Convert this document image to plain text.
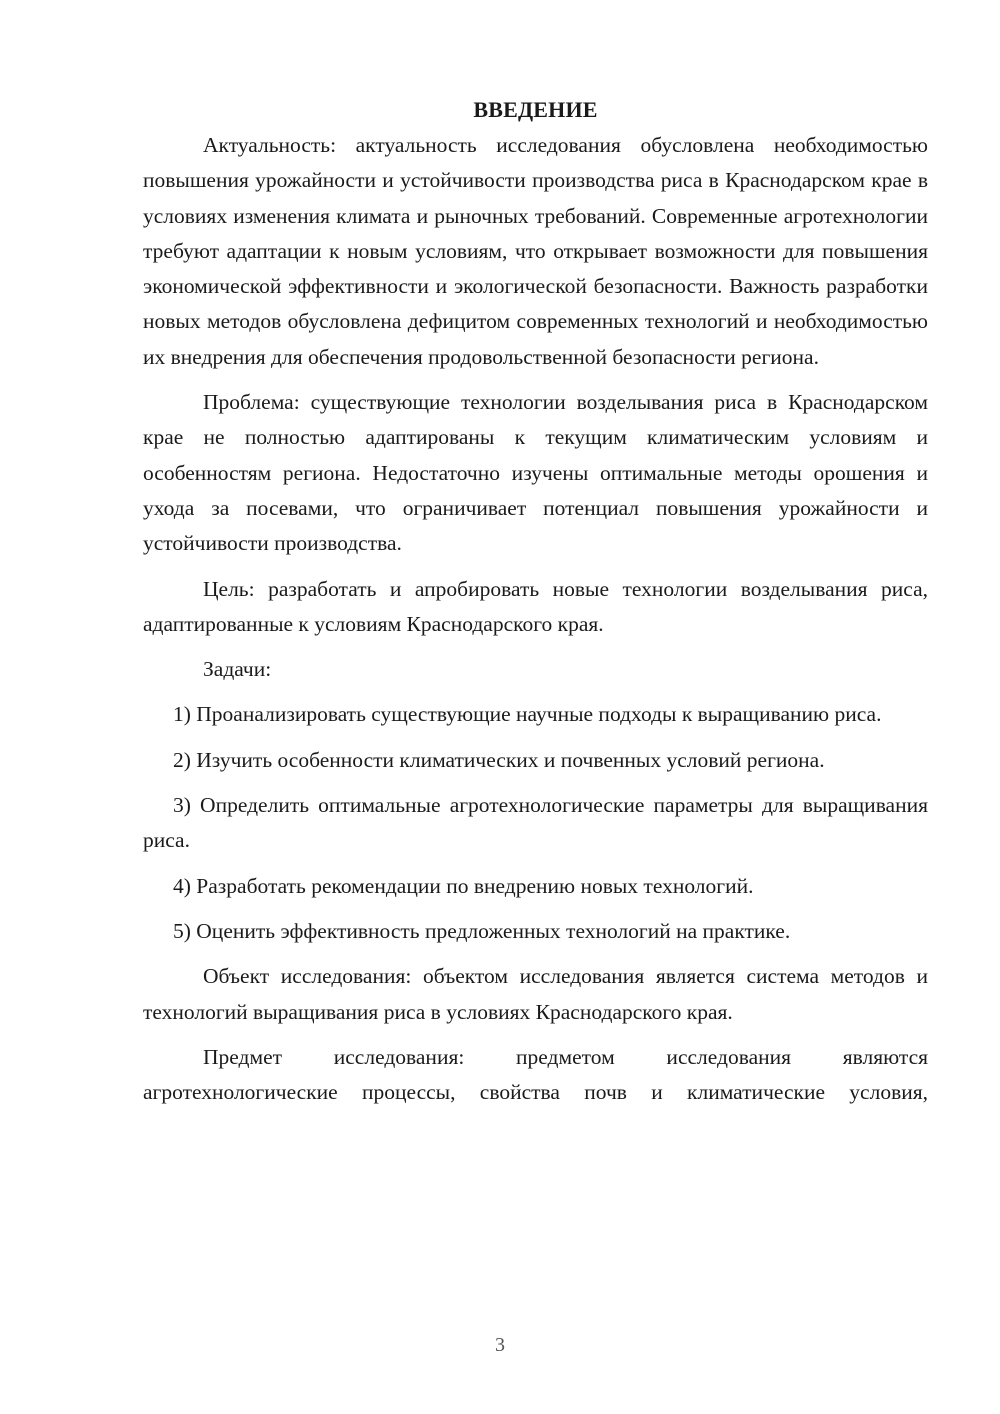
ВВЕДЕНИЕ

Актуальность: актуальность исследования обусловлена необходимостью повышения урожайности и устойчивости производства риса в Краснодарском крае в условиях изменения климата и рыночных требований. Современные агротехнологии требуют адаптации к новым условиям, что открывает возможности для повышения экономической эффективности и экологической безопасности. Важность разработки новых методов обусловлена дефицитом современных технологий и необходимостью их внедрения для обеспечения продовольственной безопасности региона.

Проблема: существующие технологии возделывания риса в Краснодарском крае не полностью адаптированы к текущим климатическим условиям и особенностям региона. Недостаточно изучены оптимальные методы орошения и ухода за посевами, что ограничивает потенциал повышения урожайности и устойчивости производства.

Цель: разработать и апробировать новые технологии возделывания риса, адаптированные к условиям Краснодарского края.

Задачи:

1) Проанализировать существующие научные подходы к выращиванию риса.

2) Изучить особенности климатических и почвенных условий региона.

3) Определить оптимальные агротехнологические параметры для выращивания риса.

4) Разработать рекомендации по внедрению новых технологий.

5) Оценить эффективность предложенных технологий на практике.

Объект исследования: объектом исследования является система методов и технологий выращивания риса в условиях Краснодарского края.

Предмет исследования: предметом исследования являются агротехнологические процессы, свойства почв и климатические условия,

3
